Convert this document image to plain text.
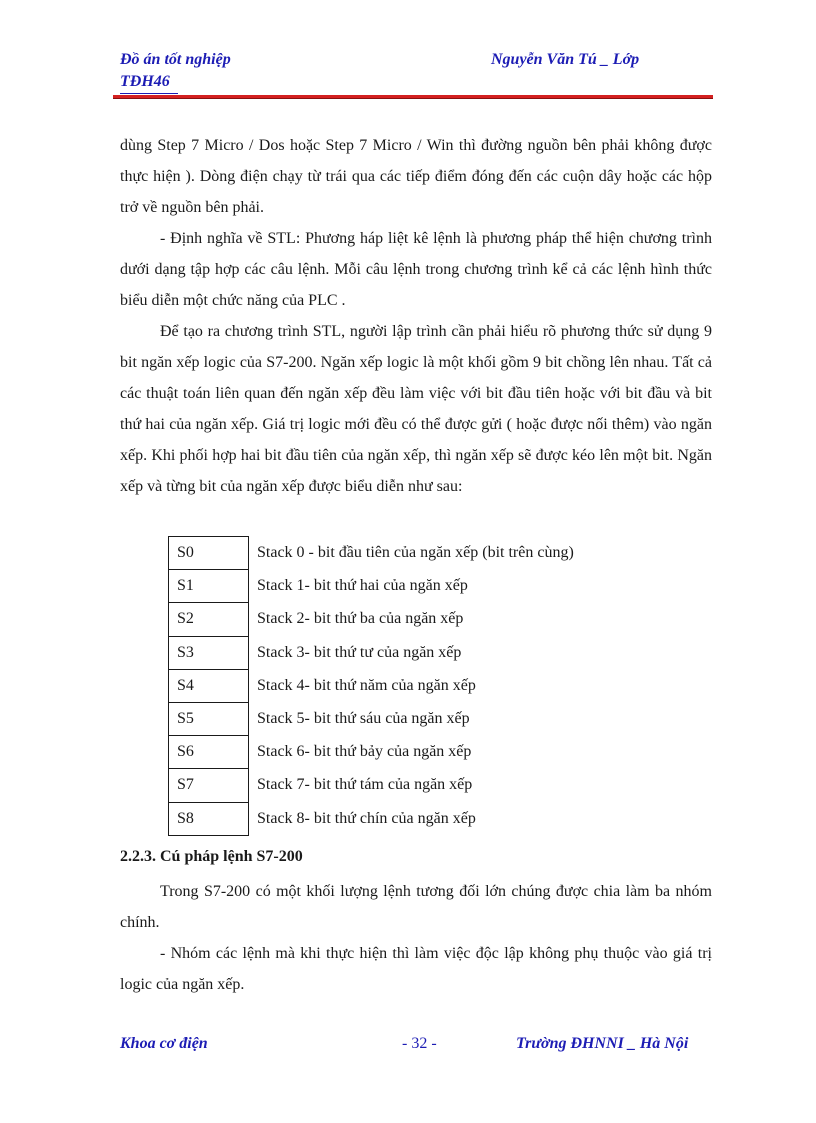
Đồ án tốt nghiệp	Nguyễn Văn Tú _ Lớp
TĐH46

dùng Step 7 Micro / Dos hoặc Step 7 Micro / Win thì đường nguồn bên phải không được thực hiện ). Dòng điện chạy từ trái qua các tiếp điểm đóng đến các cuộn dây hoặc các hộp trở về nguồn bên phải.

- Định nghĩa về STL: Phương háp liệt kê lệnh là phương pháp thể hiện chương trình dưới dạng tập hợp các câu lệnh. Mỗi câu lệnh trong chương trình kể cả các lệnh hình thức biểu diễn một chức năng của PLC .

Để tạo ra chương trình STL, người lập trình cần phải hiểu rõ phương thức sử dụng 9 bit ngăn xếp logic của S7-200. Ngăn xếp logic là một khối gồm 9 bit chồng lên nhau. Tất cả các thuật toán liên quan đến ngăn xếp đều làm việc với bit đầu tiên hoặc với bit đầu và bit thứ hai của ngăn xếp. Giá trị logic mới đều có thể được gửi ( hoặc được nối thêm) vào ngăn xếp. Khi phối hợp hai bit đầu tiên của ngăn xếp, thì ngăn xếp sẽ được kéo lên một bit. Ngăn xếp và từng bit của ngăn xếp được biểu diễn như sau:

S0	Stack 0 - bit đầu tiên của ngăn xếp (bit trên cùng)
S1	Stack 1- bit thứ hai của ngăn xếp
S2	Stack 2- bit thứ ba của ngăn xếp
S3	Stack 3- bit thứ tư của ngăn xếp
S4	Stack 4- bit thứ năm của ngăn xếp
S5	Stack 5- bit thứ sáu của ngăn xếp
S6	Stack 6- bit thứ bảy của ngăn xếp
S7	Stack 7- bit thứ tám của ngăn xếp
S8	Stack 8- bit thứ chín của ngăn xếp
2.2.3. Cú pháp lệnh S7-200

Trong S7-200 có một khối lượng lệnh tương đối lớn chúng được chia làm ba nhóm chính.

- Nhóm các lệnh mà khi thực hiện thì làm việc độc lập không phụ thuộc vào giá trị logic của ngăn xếp.

Khoa cơ điện	- 32 -	Trường ĐHNNI _ Hà Nội
